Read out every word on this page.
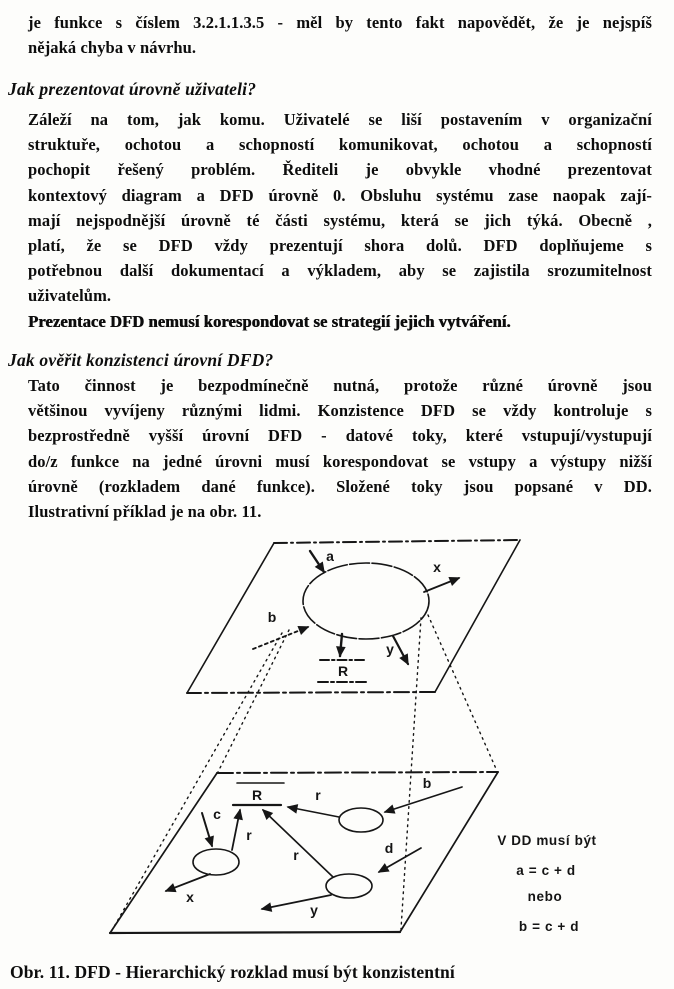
je funkce s číslem 3.2.1.1.3.5 - měl by tento fakt napovědět, že je nejspíš
nějaká chyba v návrhu.
Jak prezentovat úrovně uživateli?
Záleží na tom, jak komu. Uživatelé se liší postavením v organizační
struktuře, ochotou a schopností komunikovat, ochotou a schopností
pochopit řešený problém. Řediteli je obvykle vhodné prezentovat
kontextový diagram a DFD úrovně 0. Obsluhu systému zase naopak zají-
mají nejspodnější úrovně té části systému, která se jich týká. Obecně ,
platí, že se DFD vždy prezentují shora dolů. DFD doplňujeme s
potřebnou další dokumentací a výkladem, aby se zajistila srozumitelnost
uživatelům.
Prezentace DFD nemusí korespondovat se strategií jejich vytváření.
Jak ověřit konzistenci úrovní DFD?
Tato činnost je bezpodmínečně nutná, protože různé úrovně jsou
většinou vyvíjeny různými lidmi. Konzistence DFD se vždy kontroluje s
bezprostředně vyšší úrovní DFD - datové toky, které vstupují/vystupují
do/z funkce na jedné úrovni musí korespondovat se vstupy a výstupy nižší
úrovně (rozkladem dané funkce). Složené toky jsou popsané v DD.
Ilustrativní příklad je na obr. 11.
a
x
b
y
R
R
c
r
r
r
b
d
x
y
V DD musí být
a = c + d
nebo
b = c + d
Obr. 11. DFD - Hierarchický rozklad musí být konzistentní
